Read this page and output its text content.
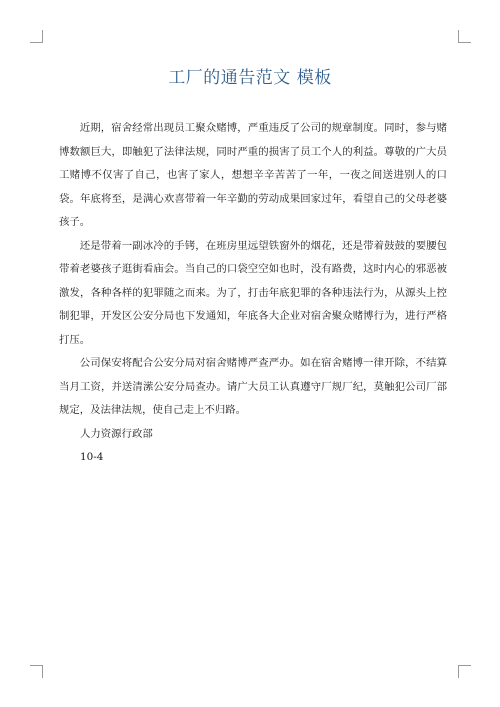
工厂的通告范文 模板

近期，宿舍经常出现员工聚众赌博，严重违反了公司的规章制度。同时，参与赌博数额巨大，即触犯了法律法规，同时严重的损害了员工个人的利益。尊敬的广大员工赌博不仅害了自己，也害了家人，想想辛辛苦苦了一年，一夜之间送进别人的口袋。年底将至，是满心欢喜带着一年辛勤的劳动成果回家过年，看望自己的父母老婆孩子。

还是带着一副冰冷的手铐，在班房里远望铁窗外的烟花，还是带着鼓鼓的要腰包带着老婆孩子逛街看庙会。当自己的口袋空空如也时，没有路费，这时内心的邪恶被激发，各种各样的犯罪随之而来。为了，打击年底犯罪的各种违法行为，从源头上控制犯罪，开发区公安分局也下发通知，年底各大企业对宿舍聚众赌博行为，进行严格打压。

公司保安将配合公安分局对宿舍赌博严查严办。如在宿舍赌博一律开除，不结算当月工资，并送清潆公安分局查办。请广大员工认真遵守厂规厂纪，莫触犯公司厂部规定，及法律法规，使自己走上不归路。

人力资源行政部

10-4
